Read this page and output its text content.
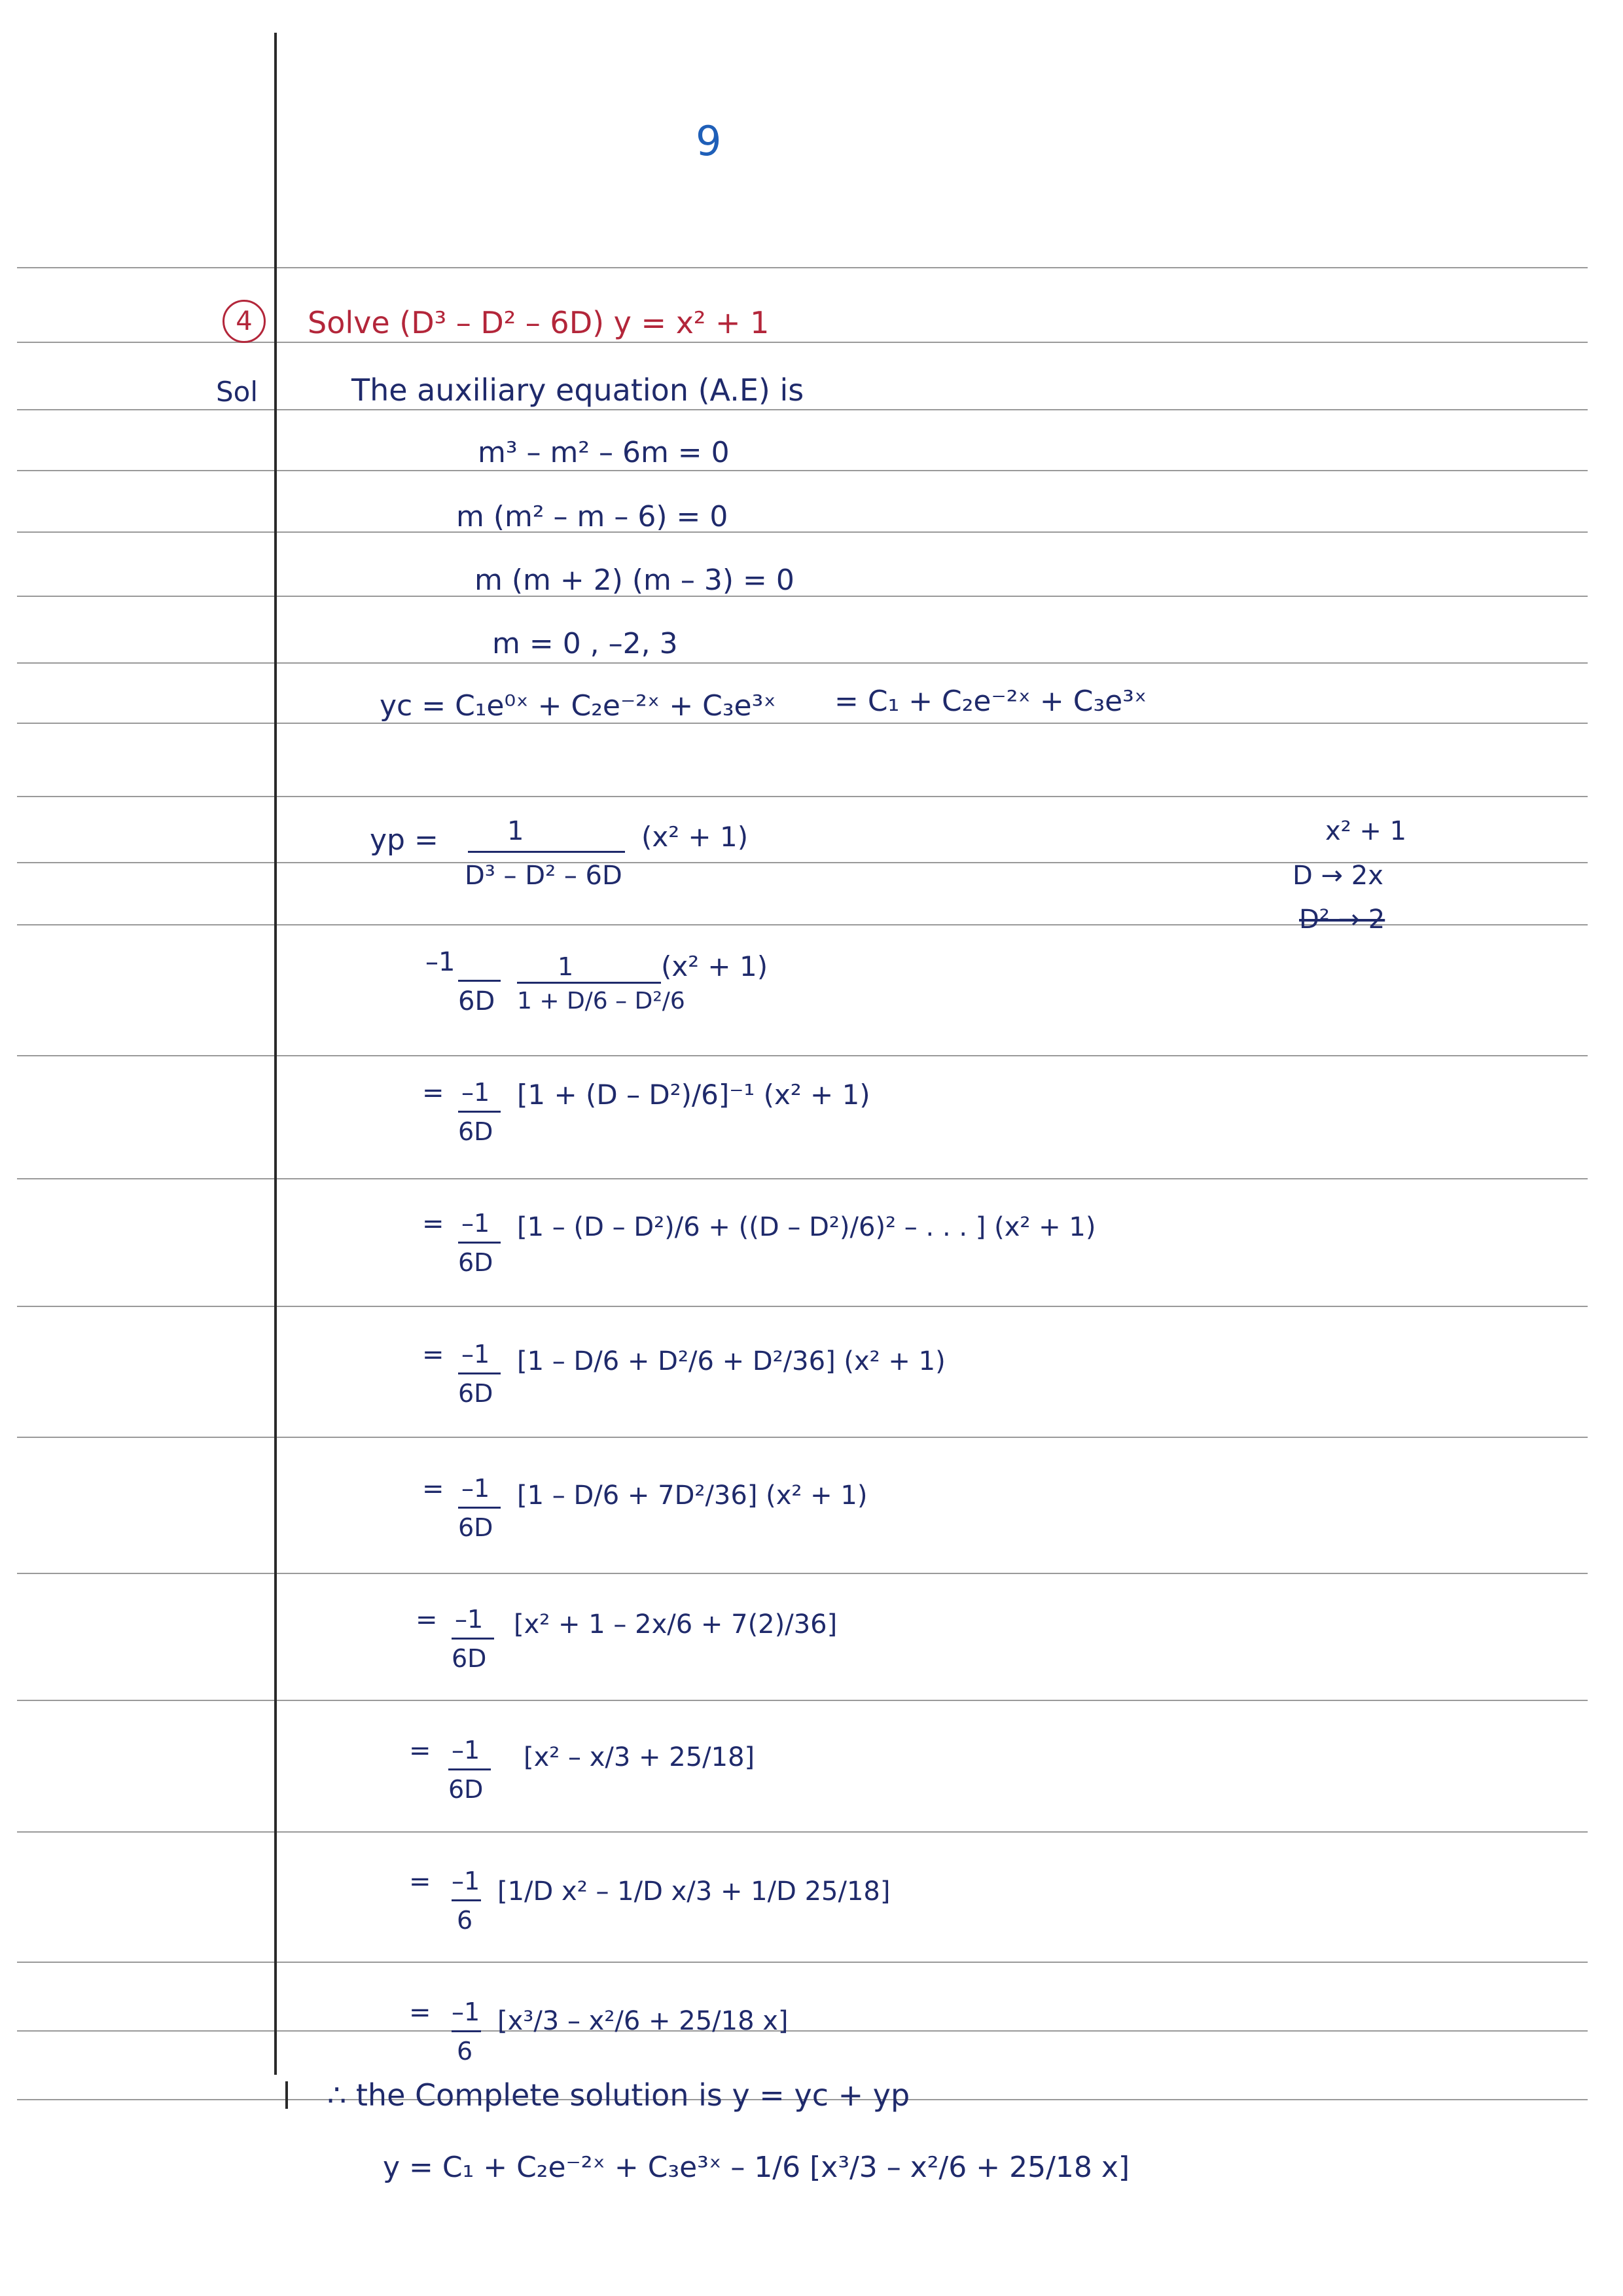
9
4	Solve (D³ – D² – 6D) y = x² + 1
Sol	The auxiliary equation (A.E) is
m³ – m² – 6m = 0
m (m² – m – 6) = 0
m (m + 2) (m – 3) = 0
m = 0 , –2, 3
yc = C₁e⁰ˣ + C₂e⁻²ˣ + C₃e³ˣ = C₁ + C₂e⁻²ˣ + C₃e³ˣ
x² + 1
D → 2x
D² → 2
yp =	1
D³ – D² – 6D
(x² + 1)
–1
6D
1
1 + D/6 – D²/6
(x² + 1)
= –1
6D
[1 + (D – D²)/6]⁻¹ (x² + 1)
= –1
6D
[1 – (D – D²)/6 + ((D – D²)/6)² – . . . ] (x² + 1)
= –1
6D
[1 – D/6 + D²/6 + D²/36] (x² + 1)
= –1
6D
[1 – D/6 + 7D²/36] (x² + 1)
= –1
6D
[x² + 1 – 2x/6 + 7(2)/36]
= –1
6D
[x² – x/3 + 25/18]
= –1
6
[1/D x² – 1/D x/3 + 1/D 25/18]
= –1
6
[x³/3 – x²/6 + 25/18 x]
∴ the Complete solution is y = yc + yp
y = C₁ + C₂e⁻²ˣ + C₃e³ˣ – 1/6 [x³/3 – x²/6 + 25/18 x]
